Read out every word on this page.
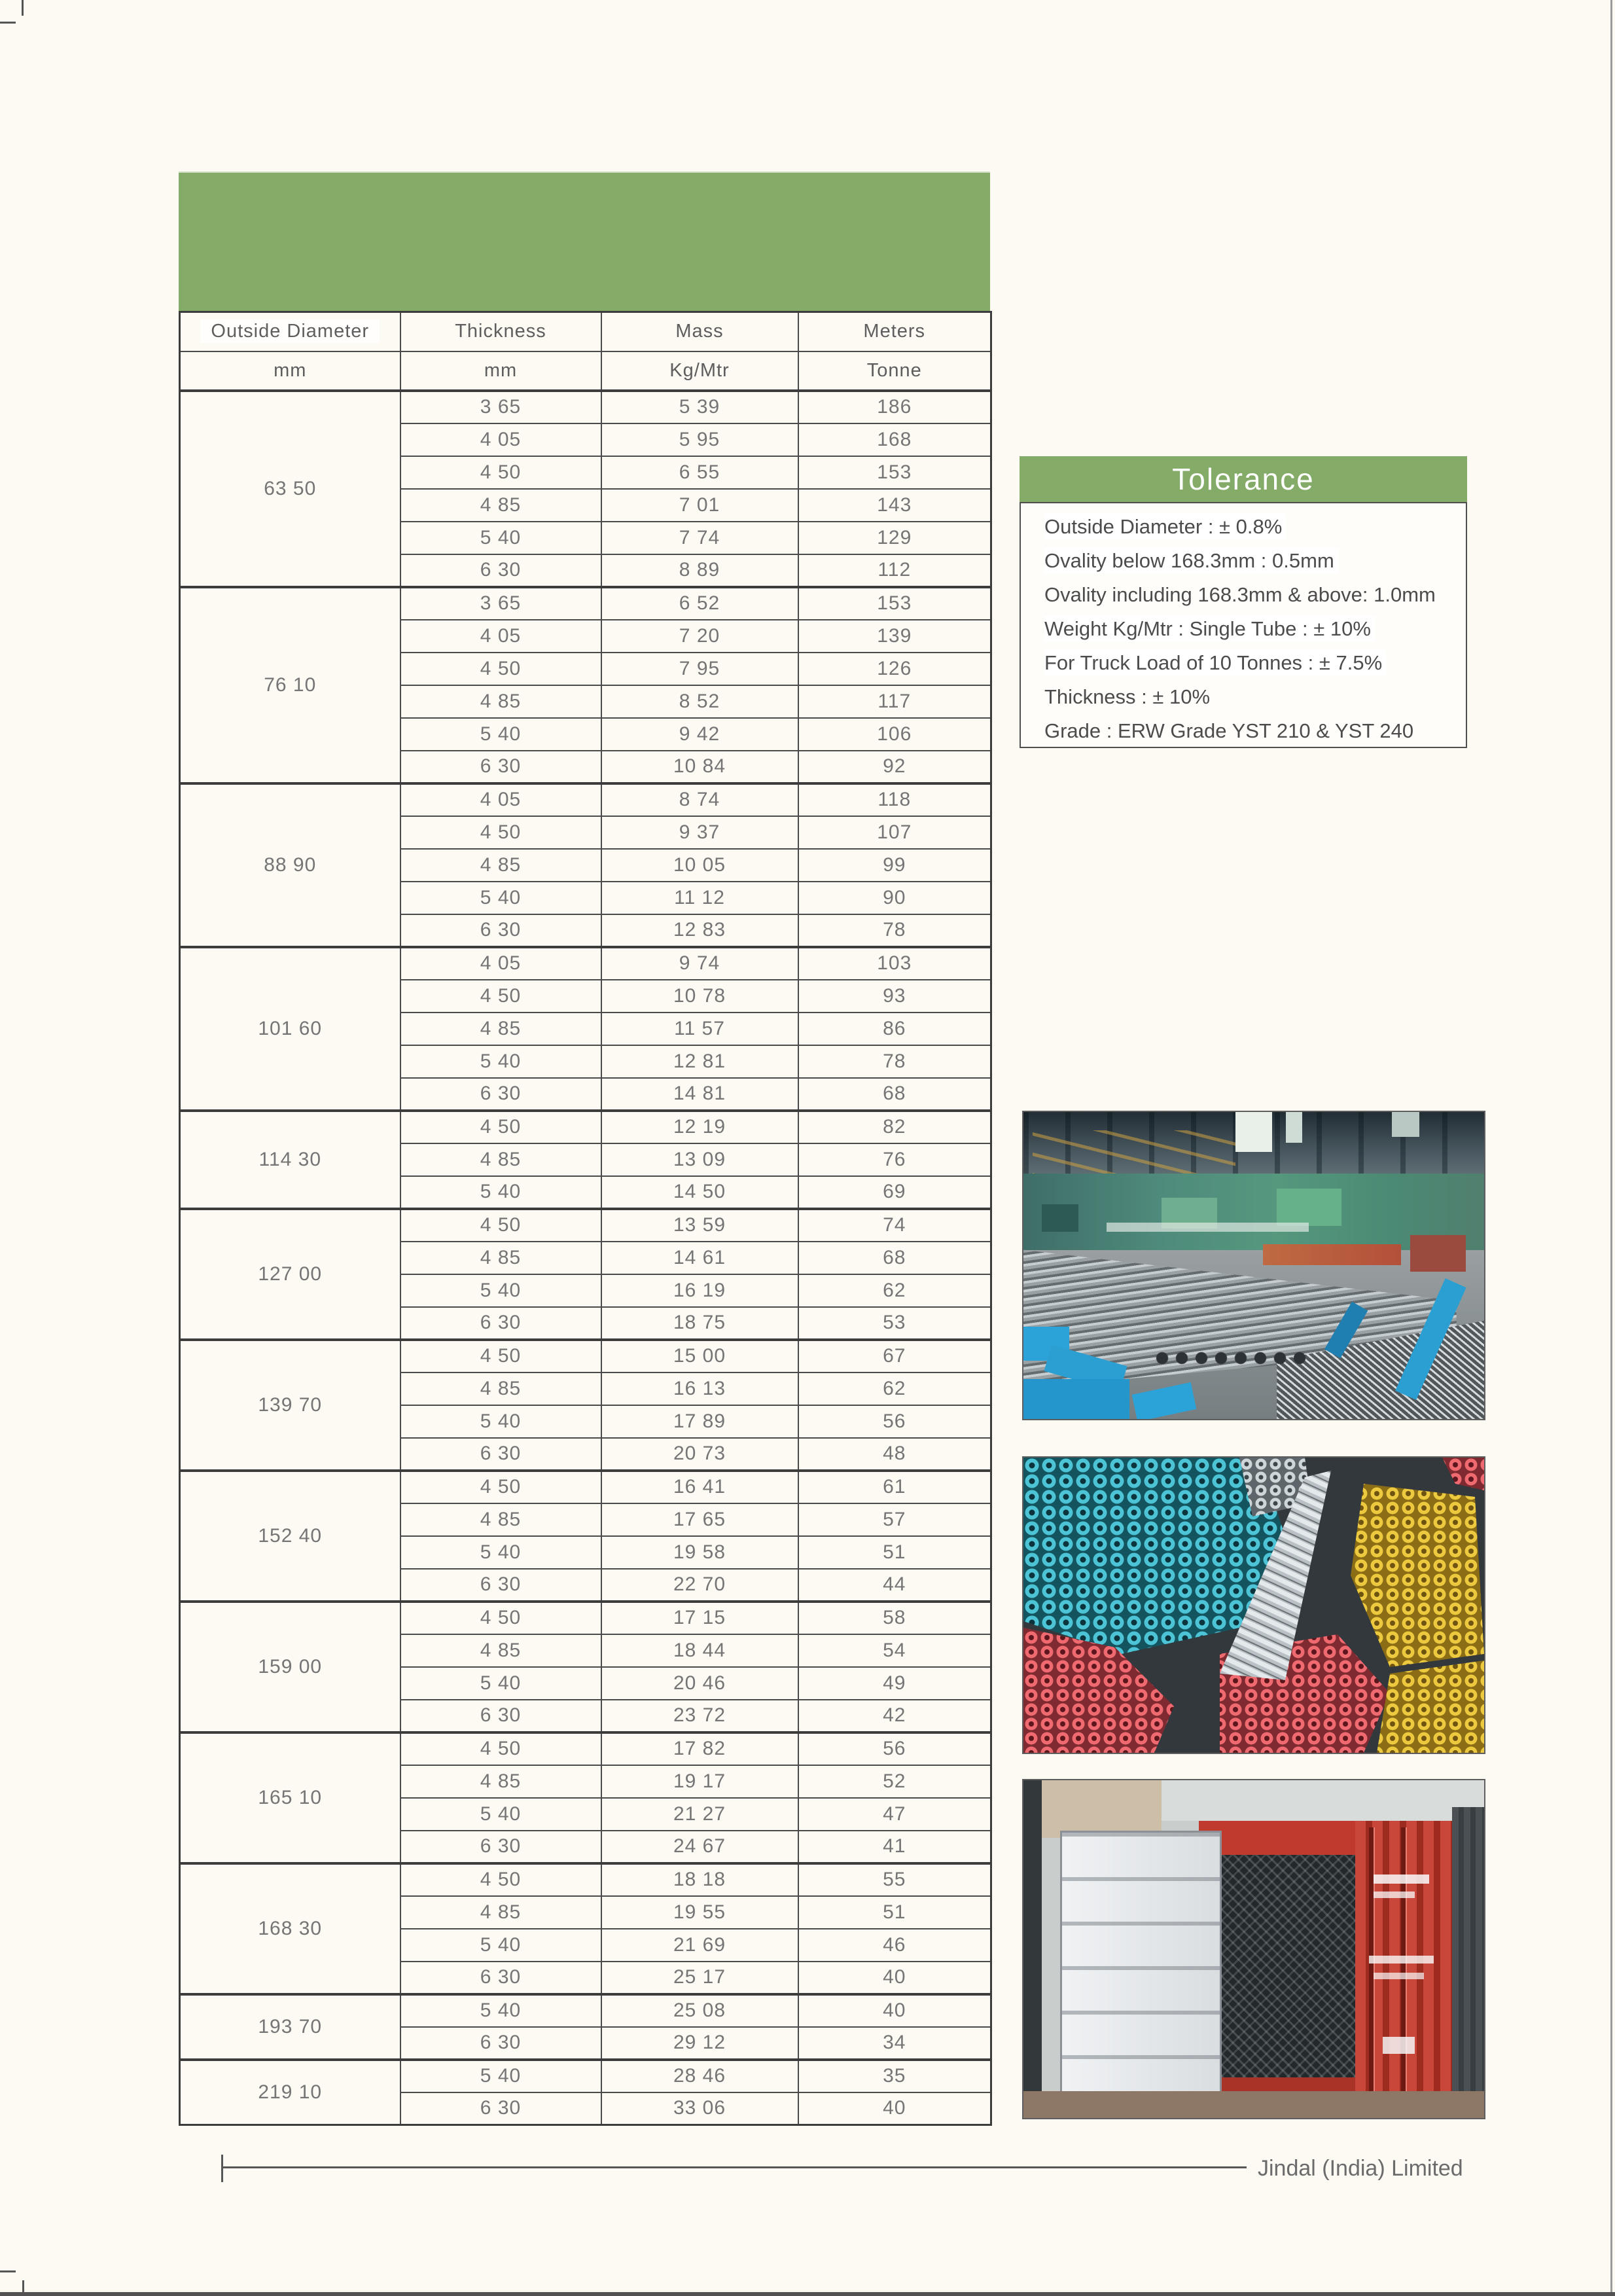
Outside Diameter	Thickness	Mass	Meters
mm	mm	Kg/Mtr	Tonne
63 50	3 65	5 39	186
	4 05	5 95	168
	4 50	6 55	153
	4 85	7 01	143
	5 40	7 74	129
	6 30	8 89	112
76 10	3 65	6 52	153
	4 05	7 20	139
	4 50	7 95	126
	4 85	8 52	117
	5 40	9 42	106
	6 30	10 84	92
88 90	4 05	8 74	118
	4 50	9 37	107
	4 85	10 05	99
	5 40	11 12	90
	6 30	12 83	78
101 60	4 05	9 74	103
	4 50	10 78	93
	4 85	11 57	86
	5 40	12 81	78
	6 30	14 81	68
114 30	4 50	12 19	82
	4 85	13 09	76
	5 40	14 50	69
127 00	4 50	13 59	74
	4 85	14 61	68
	5 40	16 19	62
	6 30	18 75	53
139 70	4 50	15 00	67
	4 85	16 13	62
	5 40	17 89	56
	6 30	20 73	48
152 40	4 50	16 41	61
	4 85	17 65	57
	5 40	19 58	51
	6 30	22 70	44
159 00	4 50	17 15	58
	4 85	18 44	54
	5 40	20 46	49
	6 30	23 72	42
165 10	4 50	17 82	56
	4 85	19 17	52
	5 40	21 27	47
	6 30	24 67	41
168 30	4 50	18 18	55
	4 85	19 55	51
	5 40	21 69	46
	6 30	25 17	40
193 70	5 40	25 08	40
	6 30	29 12	34
219 10	5 40	28 46	35
	6 30	33 06	40
Tolerance
Outside Diameter : ± 0.8%
Ovality below 168.3mm : 0.5mm
Ovality including 168.3mm & above: 1.0mm
Weight Kg/Mtr : Single Tube : ± 10%
For Truck Load of 10 Tonnes : ± 7.5%
Thickness : ± 10%
Grade : ERW Grade YST 210 & YST 240
Jindal (India) Limited
